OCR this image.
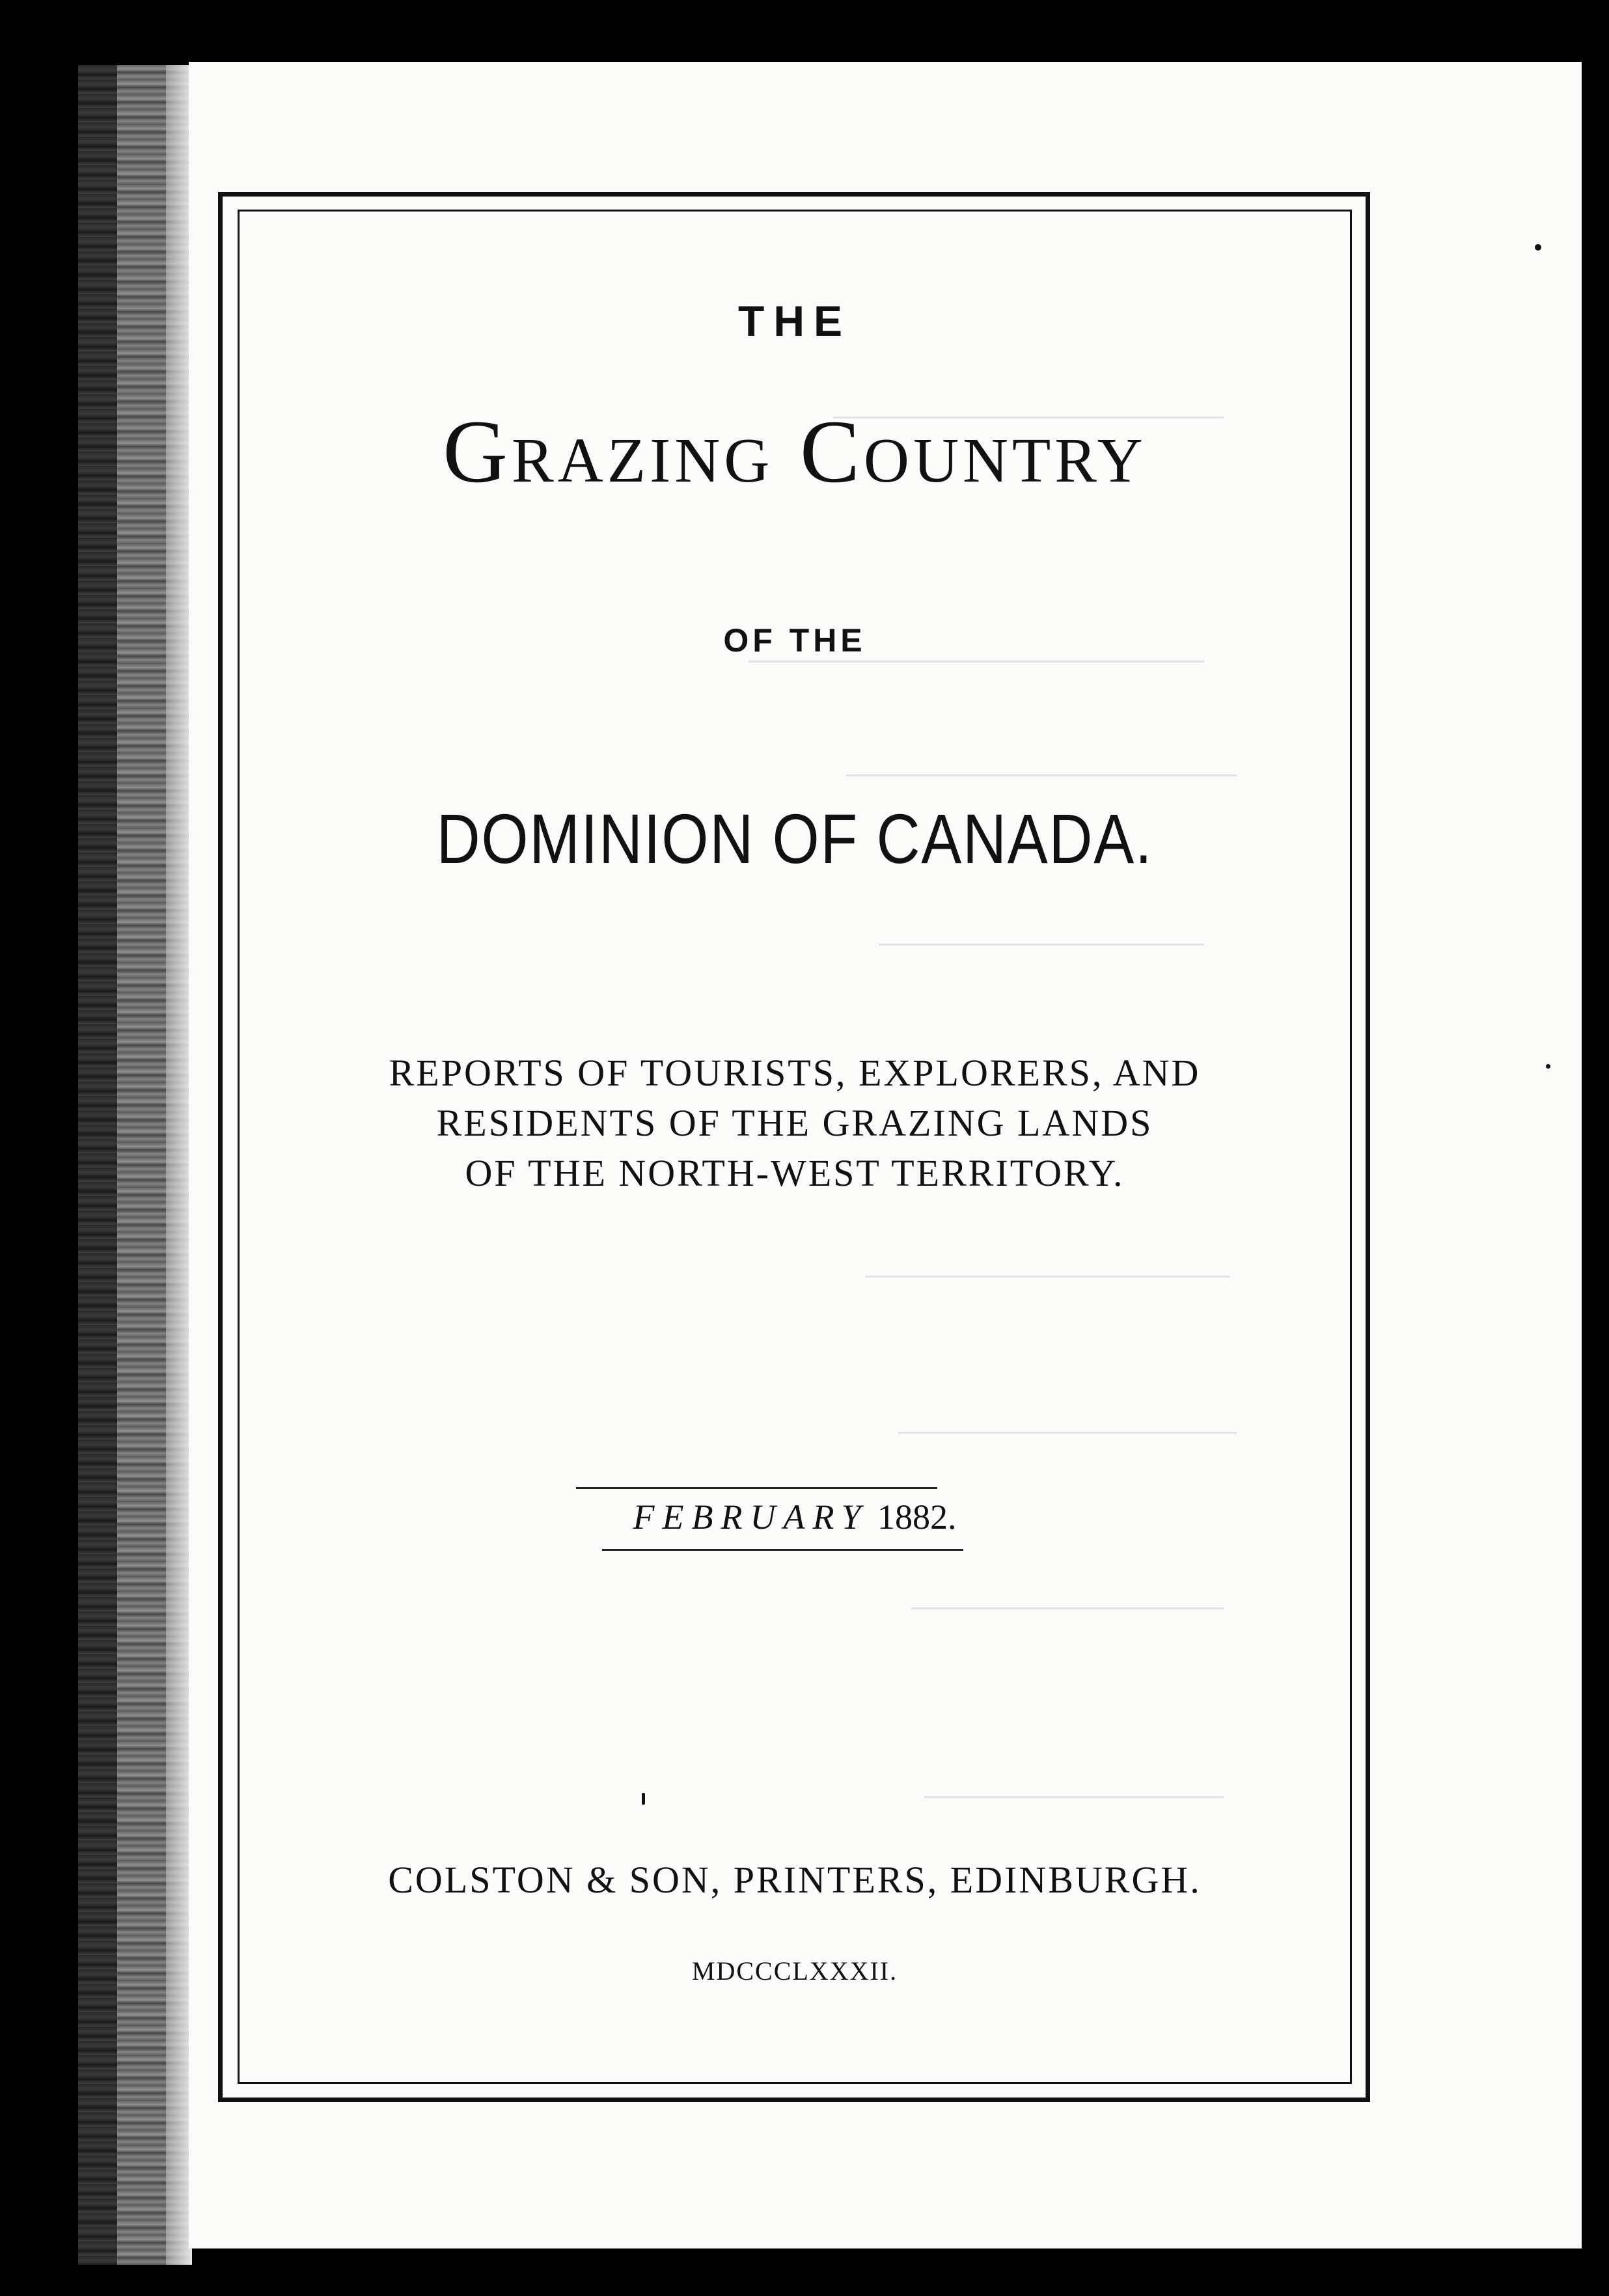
THE
Grazing Country
OF THE
DOMINION OF CANADA.
REPORTS OF TOURISTS, EXPLORERS, AND
RESIDENTS OF THE GRAZING LANDS
OF THE NORTH-WEST TERRITORY.
FEBRUARY 1882.
COLSTON & SON, PRINTERS, EDINBURGH.
MDCCCLXXXII.
